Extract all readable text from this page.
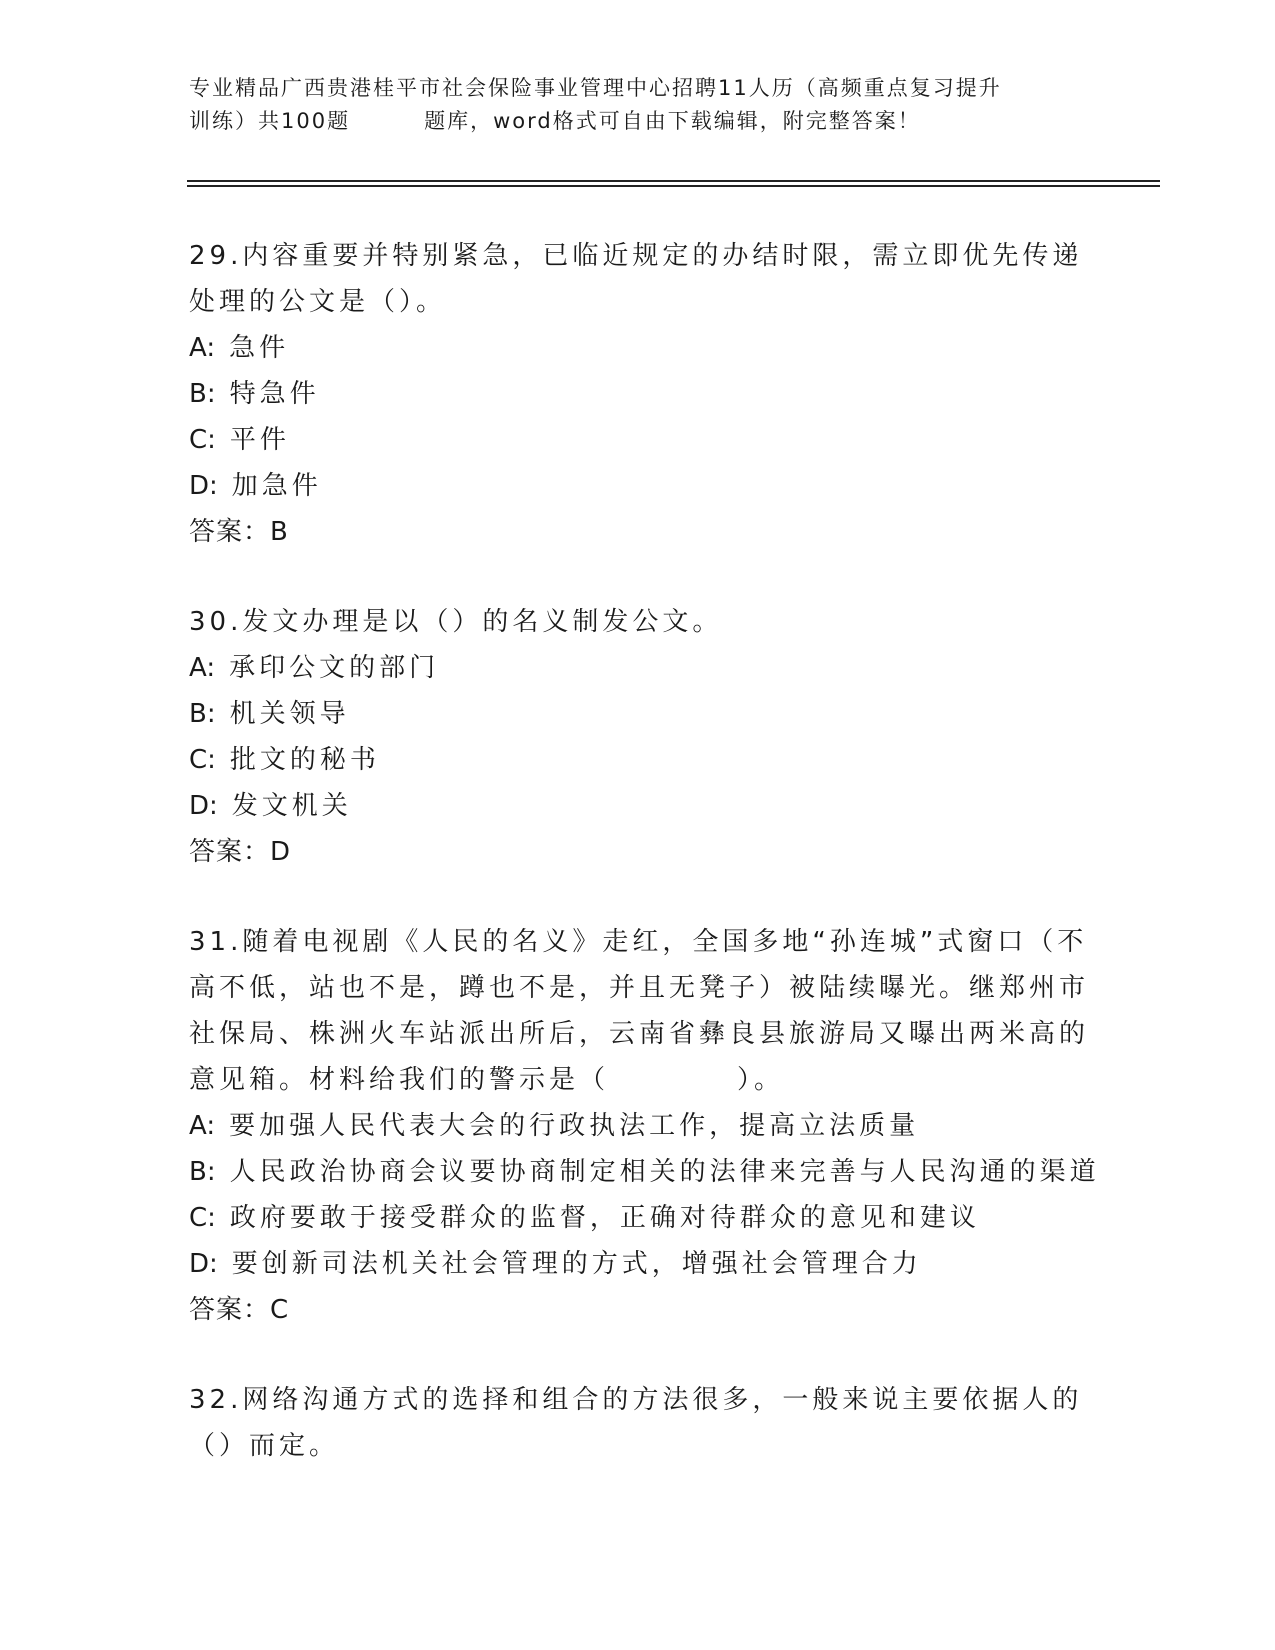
专业精品广西贵港桂平市社会保险事业管理中心招聘11人历（高频重点复习提升
训练）共100题	题库，word格式可自由下载编辑，附完整答案！
29.内容重要并特别紧急，已临近规定的办结时限，需立即优先传递处理的公文是（）。
A: 急件
B: 特急件
C: 平件
D: 加急件
答案：B
30.发文办理是以（）的名义制发公文。
A: 承印公文的部门
B: 机关领导
C: 批文的秘书
D: 发文机关
答案：D
31.随着电视剧《人民的名义》走红，全国多地“孙连城”式窗口（不高不低，站也不是，蹲也不是，并且无凳子）被陆续曝光。继郑州市社保局、株洲火车站派出所后，云南省彝良县旅游局又曝出两米高的意见箱。材料给我们的警示是（	）。
A: 要加强人民代表大会的行政执法工作，提高立法质量
B: 人民政治协商会议要协商制定相关的法律来完善与人民沟通的渠道
C: 政府要敢于接受群众的监督，正确对待群众的意见和建议
D: 要创新司法机关社会管理的方式，增强社会管理合力
答案：C
32.网络沟通方式的选择和组合的方法很多，一般来说主要依据人的（）而定。
